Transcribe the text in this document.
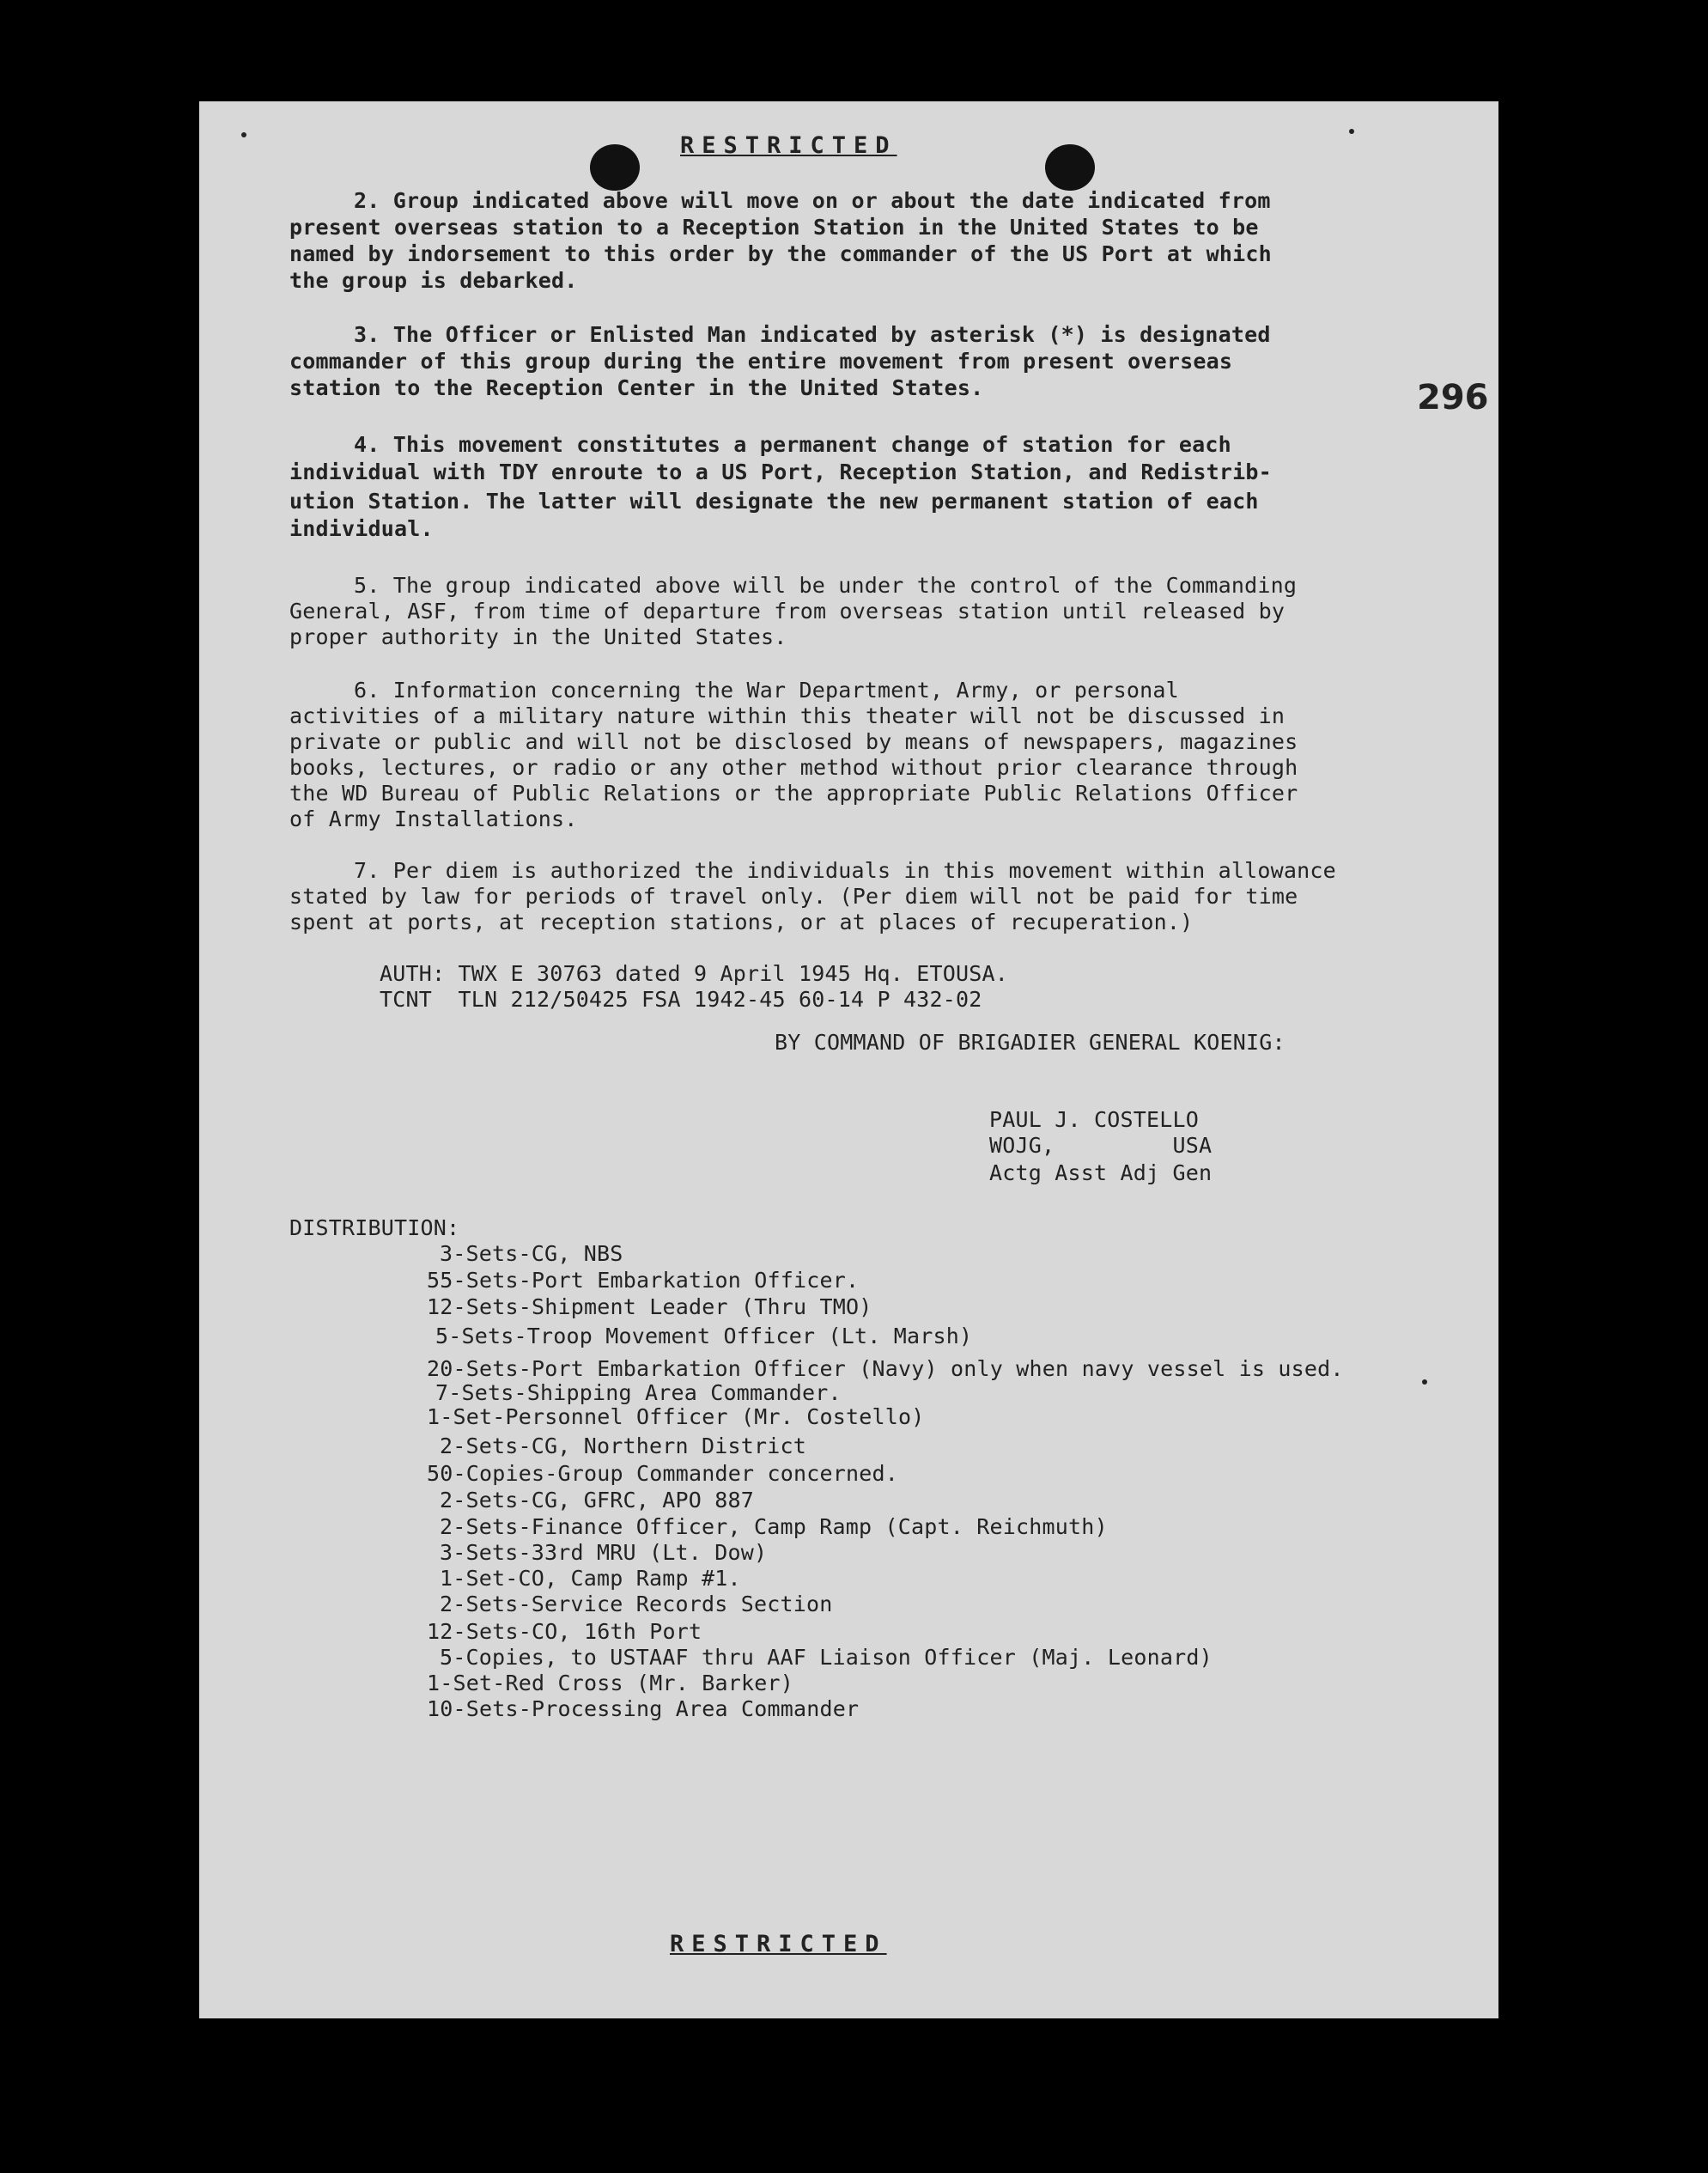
RESTRICTED
296
2. Group indicated above will move on or about the date indicated from
present overseas station to a Reception Station in the United States to be
named by indorsement to this order by the commander of the US Port at which
the group is debarked.
3. The Officer or Enlisted Man indicated by asterisk (*) is designated
commander of this group during the entire movement from present overseas
station to the Reception Center in the United States.
4. This movement constitutes a permanent change of station for each
individual with TDY enroute to a US Port, Reception Station, and Redistrib-
ution Station. The latter will designate the new permanent station of each
individual.
5. The group indicated above will be under the control of the Commanding
General, ASF, from time of departure from overseas station until released by
proper authority in the United States.
6. Information concerning the War Department, Army, or personal
activities of a military nature within this theater will not be discussed in
private or public and will not be disclosed by means of newspapers, magazines
books, lectures, or radio or any other method without prior clearance through
the WD Bureau of Public Relations or the appropriate Public Relations Officer
of Army Installations.
7. Per diem is authorized the individuals in this movement within allowance
stated by law for periods of travel only. (Per diem will not be paid for time
spent at ports, at reception stations, or at places of recuperation.)
AUTH: TWX E 30763 dated 9 April 1945 Hq. ETOUSA.
TCNT  TLN 212/50425 FSA 1942-45 60-14 P 432-02
BY COMMAND OF BRIGADIER GENERAL KOENIG:
PAUL J. COSTELLO
WOJG,         USA
Actg Asst Adj Gen
DISTRIBUTION:
3-Sets-CG, NBS
55-Sets-Port Embarkation Officer.
12-Sets-Shipment Leader (Thru TMO)
5-Sets-Troop Movement Officer (Lt. Marsh)
20-Sets-Port Embarkation Officer (Navy) only when navy vessel is used.
7-Sets-Shipping Area Commander.
1-Set-Personnel Officer (Mr. Costello)
2-Sets-CG, Northern District
50-Copies-Group Commander concerned.
2-Sets-CG, GFRC, APO 887
2-Sets-Finance Officer, Camp Ramp (Capt. Reichmuth)
3-Sets-33rd MRU (Lt. Dow)
1-Set-CO, Camp Ramp #1.
2-Sets-Service Records Section
12-Sets-CO, 16th Port
5-Copies, to USTAAF thru AAF Liaison Officer (Maj. Leonard)
1-Set-Red Cross (Mr. Barker)
10-Sets-Processing Area Commander
RESTRICTED
